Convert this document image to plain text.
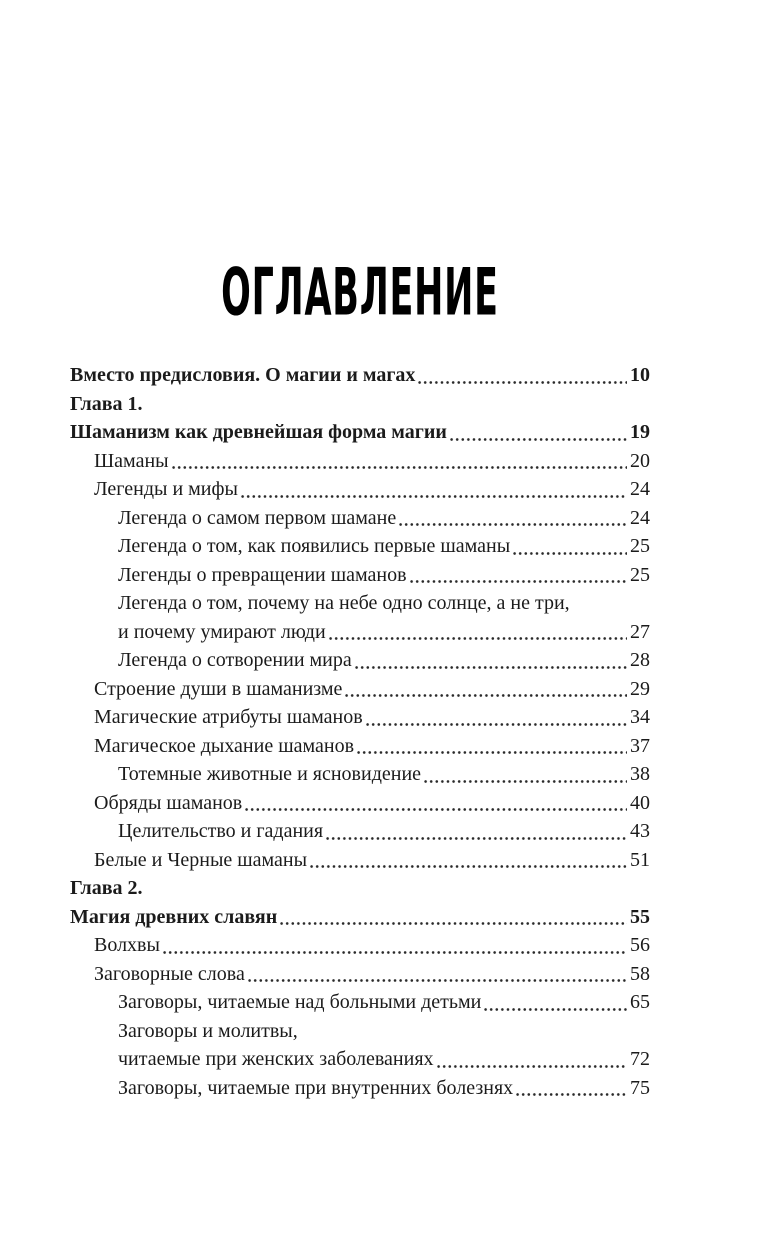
ОГЛАВЛЕНИЕ
Вместо предисловия. О магии и магах	10
Глава 1.
Шаманизм как древнейшая форма магии	19
Шаманы	20
Легенды и мифы	24
Легенда о самом первом шамане	24
Легенда о том, как появились первые шаманы	25
Легенды о превращении шаманов	25
Легенда о том, почему на небе одно солнце, а не три,
и почему умирают люди	27
Легенда о сотворении мира	28
Строение души в шаманизме	29
Магические атрибуты шаманов	34
Магическое дыхание шаманов	37
Тотемные животные и ясновидение	38
Обряды шаманов	40
Целительство и гадания	43
Белые и Черные шаманы	51
Глава 2.
Магия древних славян	55
Волхвы	56
Заговорные слова	58
Заговоры, читаемые над больными детьми	65
Заговоры и молитвы,
читаемые при женских заболеваниях	72
Заговоры, читаемые при внутренних болезнях	75
